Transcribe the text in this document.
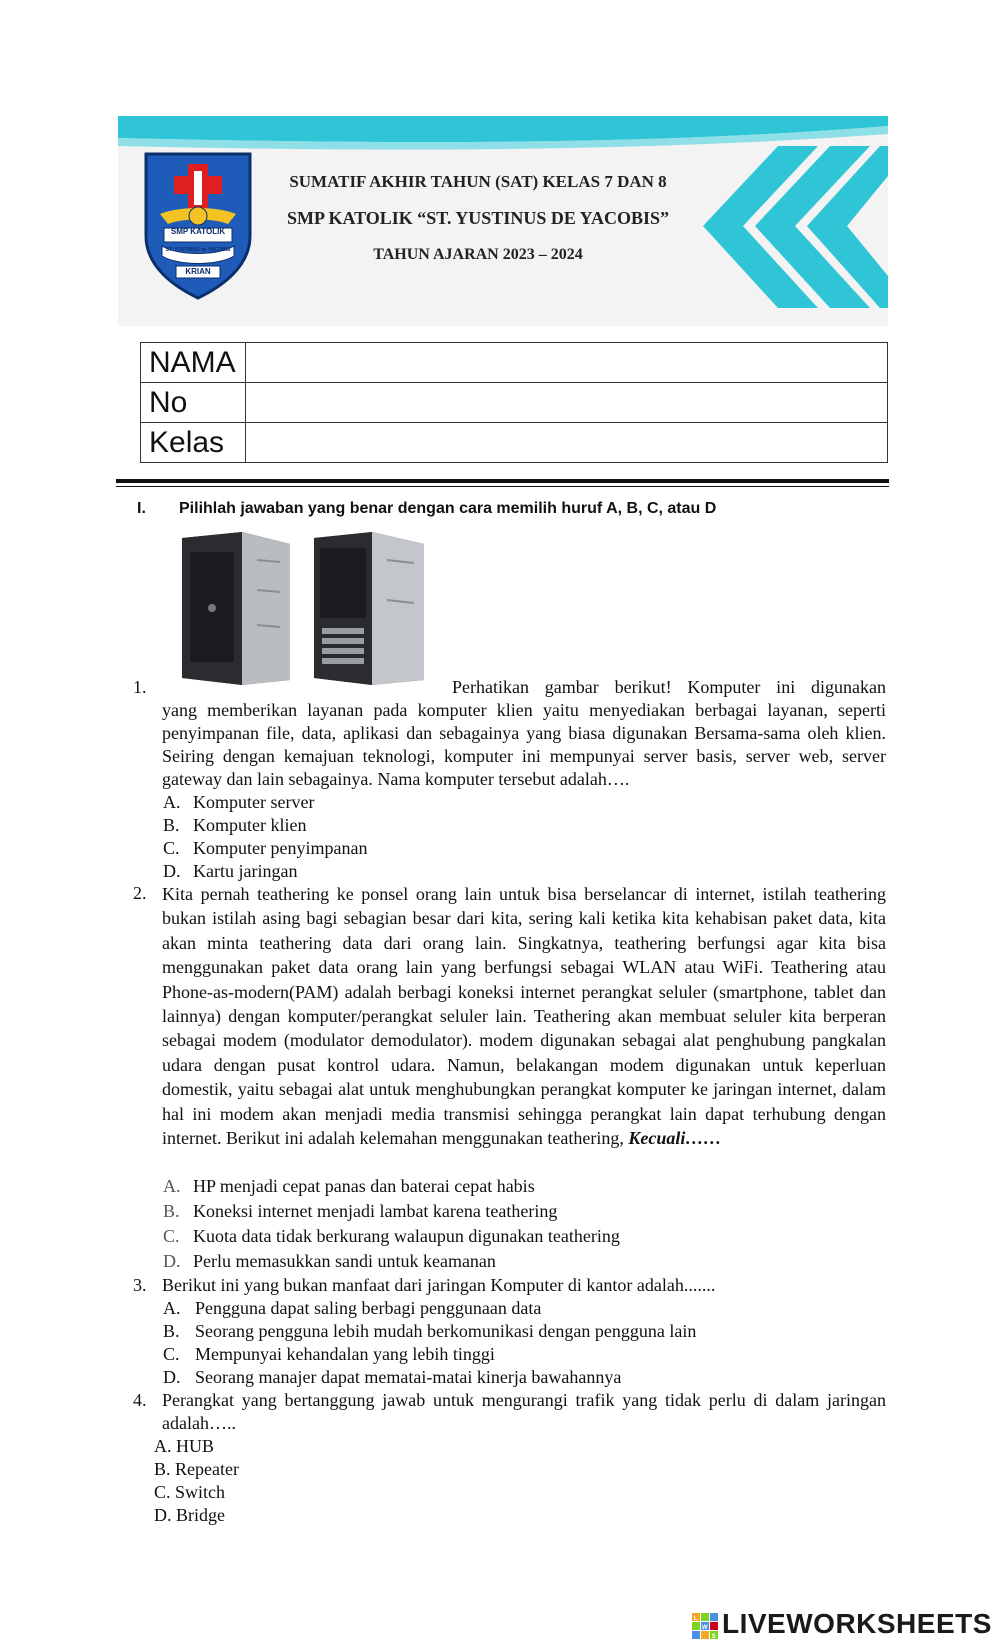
SMP KATOLIK
ST. YUSTINUS de YACOBIS
KRIAN
SUMATIF AKHIR TAHUN (SAT) KELAS 7 DAN 8
SMP KATOLIK “ST. YUSTINUS DE YACOBIS”
TAHUN AJARAN 2023 – 2024
NAMA	
No	
Kelas	
I. Pilihlah jawaban yang benar dengan cara memilih huruf A, B, C, atau D
1.	Perhatikan gambar berikut! Komputer ini digunakan
yang memberikan layanan pada komputer klien yaitu menyediakan berbagai layanan, seperti penyimpanan file, data, aplikasi dan sebagainya yang biasa digunakan Bersama-sama oleh klien. Seiring dengan kemajuan teknologi, komputer ini mempunyai server basis, server web, server gateway dan lain sebagainya. Nama komputer tersebut adalah….
A. Komputer server
B. Komputer klien
C. Komputer penyimpanan
D. Kartu jaringan
2. Kita pernah teathering ke ponsel orang lain untuk bisa berselancar di internet, istilah teathering bukan istilah asing bagi sebagian besar dari kita, sering kali ketika kita kehabisan paket data, kita akan minta teathering data dari orang lain. Singkatnya, teathering berfungsi agar kita bisa menggunakan paket data orang lain yang berfungsi sebagai WLAN atau WiFi. Teathering atau Phone-as-modern(PAM) adalah berbagi koneksi internet perangkat seluler (smartphone, tablet dan lainnya) dengan komputer/perangkat seluler lain. Teathering akan membuat seluler kita berperan sebagai modem (modulator demodulator). modem digunakan sebagai alat penghubung pangkalan udara dengan pusat kontrol udara. Namun, belakangan modem digunakan untuk keperluan domestik, yaitu sebagai alat untuk menghubungkan perangkat komputer ke jaringan internet, dalam hal ini modem akan menjadi media transmisi sehingga perangkat lain dapat terhubung dengan internet. Berikut ini adalah kelemahan menggunakan teathering, Kecuali……
A. HP menjadi cepat panas dan baterai cepat habis
B. Koneksi internet menjadi lambat karena teathering
C. Kuota data tidak berkurang walaupun digunakan teathering
D. Perlu memasukkan sandi untuk keamanan
3. Berikut ini yang bukan manfaat dari jaringan Komputer di kantor adalah.......
A. Pengguna dapat saling berbagi penggunaan data
B. Seorang pengguna lebih mudah berkomunikasi dengan pengguna lain
C. Mempunyai kehandalan yang lebih tinggi
D. Seorang manajer dapat mematai-matai kinerja bawahannya
4. Perangkat yang bertanggung jawab untuk mengurangi trafik yang tidak perlu di dalam jaringan adalah…..
A. HUB
B. Repeater
C. Switch
D. Bridge
L
W
S LIVEWORKSHEETS
